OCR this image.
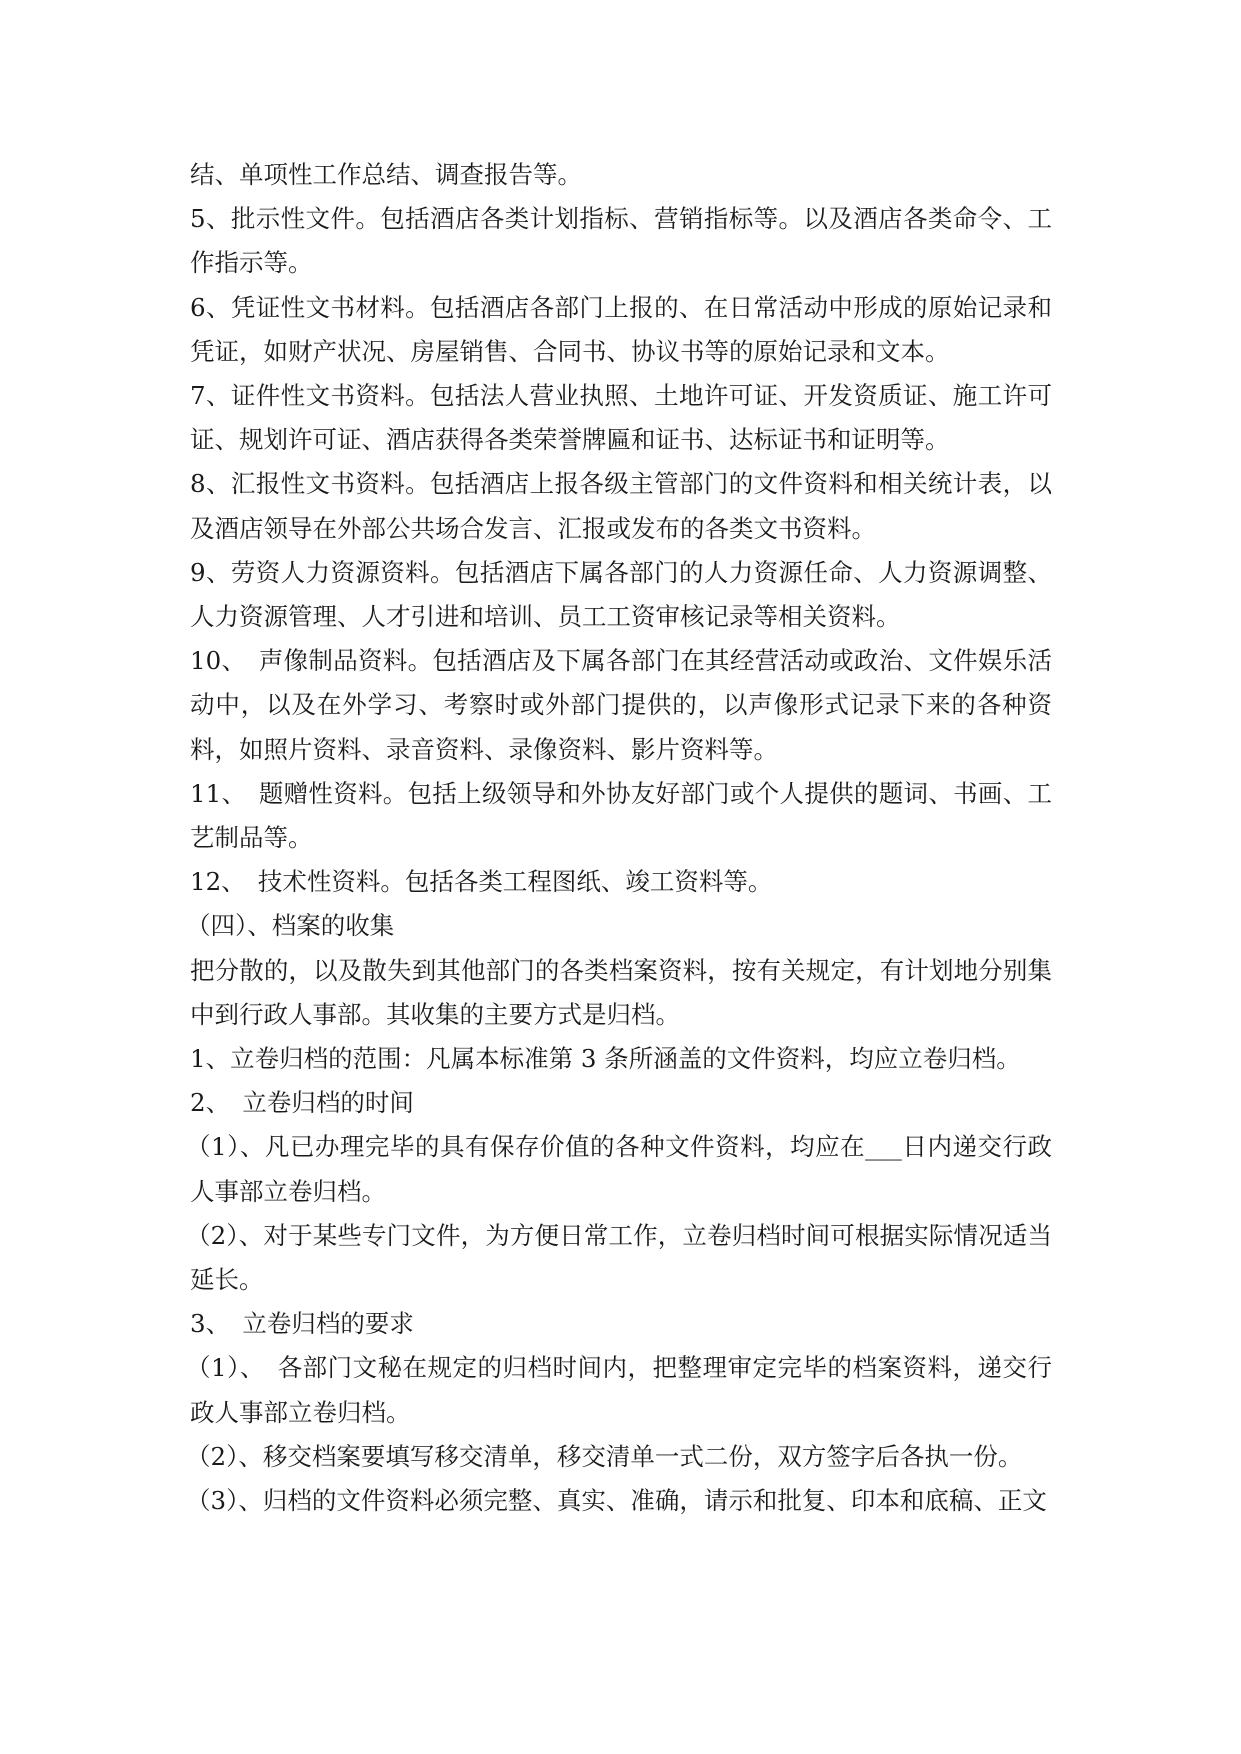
结、单项性工作总结、调查报告等。

5、批示性文件。包括酒店各类计划指标、营销指标等。以及酒店各类命令、工作指示等。

6、凭证性文书材料。包括酒店各部门上报的、在日常活动中形成的原始记录和凭证，如财产状况、房屋销售、合同书、协议书等的原始记录和文本。

7、证件性文书资料。包括法人营业执照、土地许可证、开发资质证、施工许可证、规划许可证、酒店获得各类荣誉牌匾和证书、达标证书和证明等。

8、汇报性文书资料。包括酒店上报各级主管部门的文件资料和相关统计表，以及酒店领导在外部公共场合发言、汇报或发布的各类文书资料。

9、劳资人力资源资料。包括酒店下属各部门的人力资源任命、人力资源调整、人力资源管理、人才引进和培训、员工工资审核记录等相关资料。

10、　声像制品资料。包括酒店及下属各部门在其经营活动或政治、文件娱乐活动中，以及在外学习、考察时或外部门提供的，以声像形式记录下来的各种资料，如照片资料、录音资料、录像资料、影片资料等。

11、　题赠性资料。包括上级领导和外协友好部门或个人提供的题词、书画、工艺制品等。

12、　技术性资料。包括各类工程图纸、竣工资料等。

（四）、档案的收集

把分散的，以及散失到其他部门的各类档案资料，按有关规定，有计划地分别集中到行政人事部。其收集的主要方式是归档。

1、立卷归档的范围：凡属本标准第 3 条所涵盖的文件资料，均应立卷归档。

2、　立卷归档的时间

（1）、凡已办理完毕的具有保存价值的各种文件资料，均应在___日内递交行政人事部立卷归档。

（2）、对于某些专门文件，为方便日常工作，立卷归档时间可根据实际情况适当延长。

3、　立卷归档的要求

（1）、　各部门文秘在规定的归档时间内，把整理审定完毕的档案资料，递交行政人事部立卷归档。

（2）、移交档案要填写移交清单，移交清单一式二份，双方签字后各执一份。

（3）、归档的文件资料必须完整、真实、准确，请示和批复、印本和底稿、正文
